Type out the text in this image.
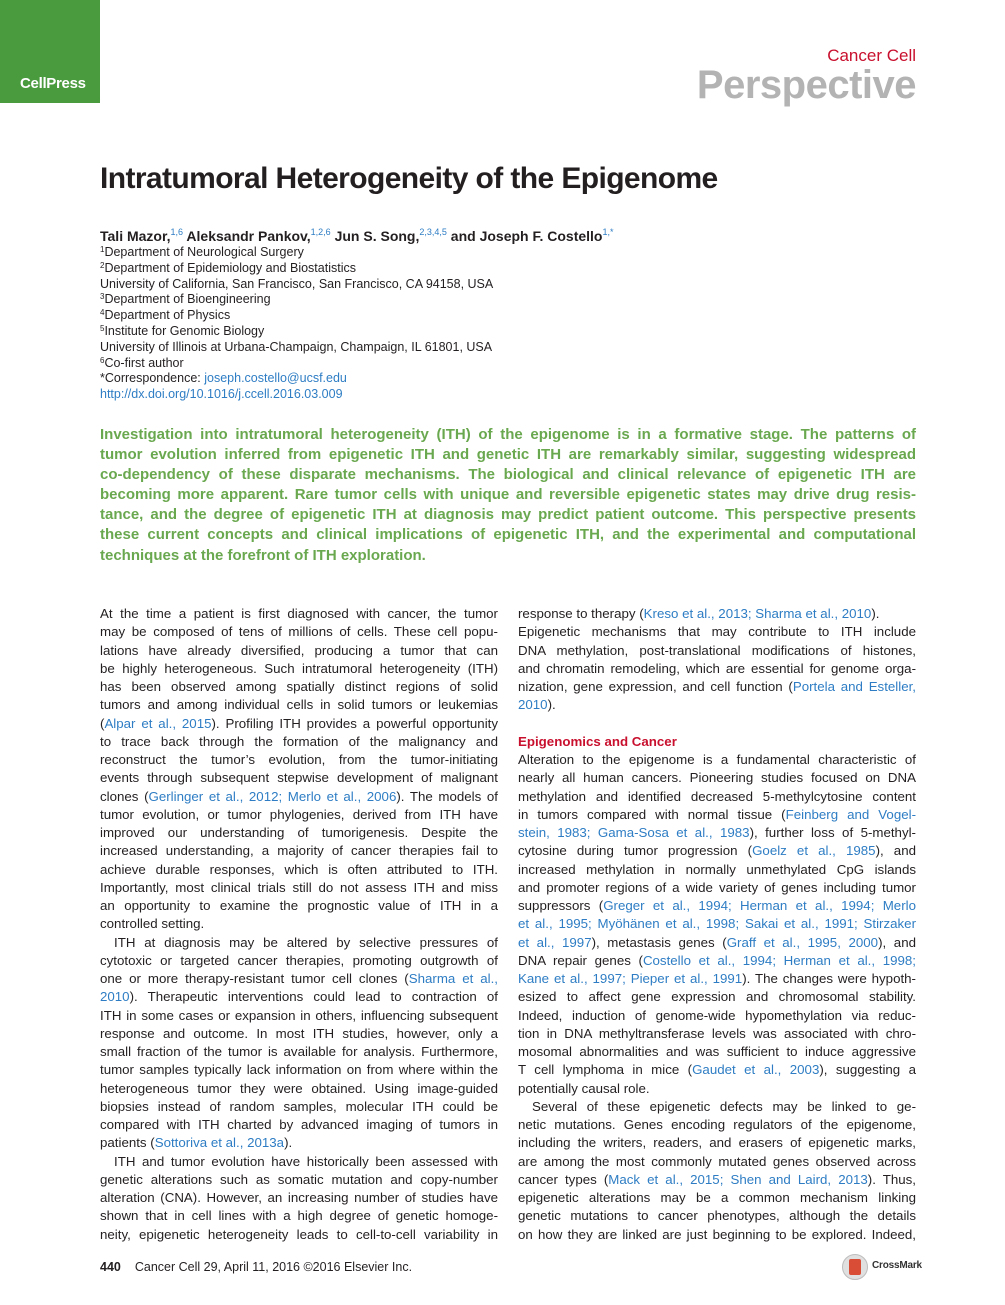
CellPress
Cancer Cell
Perspective
Intratumoral Heterogeneity of the Epigenome
Tali Mazor,$^{1,6}$ Aleksandr Pankov,$^{1,2,6}$ Jun S. Song,$^{2,3,4,5}$ and Joseph F. Costello$^{1,*}$
$^1$Department of Neurological Surgery
$^2$Department of Epidemiology and Biostatistics
University of California, San Francisco, San Francisco, CA 94158, USA
$^3$Department of Bioengineering
$^4$Department of Physics
$^5$Institute for Genomic Biology
University of Illinois at Urbana-Champaign, Champaign, IL 61801, USA
$^6$Co-first author
*Correspondence: joseph.costello@ucsf.edu
http://dx.doi.org/10.1016/j.ccell.2016.03.009
Investigation into intratumoral heterogeneity (ITH) of the epigenome is in a formative stage. The patterns of
tumor evolution inferred from epigenetic ITH and genetic ITH are remarkably similar, suggesting widespread
co-dependency of these disparate mechanisms. The biological and clinical relevance of epigenetic ITH are
becoming more apparent. Rare tumor cells with unique and reversible epigenetic states may drive drug resis-
tance, and the degree of epigenetic ITH at diagnosis may predict patient outcome. This perspective presents
these current concepts and clinical implications of epigenetic ITH, and the experimental and computational
techniques at the forefront of ITH exploration.
At the time a patient is first diagnosed with cancer, the tumor
may be composed of tens of millions of cells. These cell popu-
lations have already diversified, producing a tumor that can
be highly heterogeneous. Such intratumoral heterogeneity (ITH)
has been observed among spatially distinct regions of solid
tumors and among individual cells in solid tumors or leukemias
(Alpar et al., 2015). Profiling ITH provides a powerful opportunity
to trace back through the formation of the malignancy and
reconstruct the tumor’s evolution, from the tumor-initiating
events through subsequent stepwise development of malignant
clones (Gerlinger et al., 2012; Merlo et al., 2006). The models of
tumor evolution, or tumor phylogenies, derived from ITH have
improved our understanding of tumorigenesis. Despite the
increased understanding, a majority of cancer therapies fail to
achieve durable responses, which is often attributed to ITH.
Importantly, most clinical trials still do not assess ITH and miss
an opportunity to examine the prognostic value of ITH in a
controlled setting.
ITH at diagnosis may be altered by selective pressures of
cytotoxic or targeted cancer therapies, promoting outgrowth of
one or more therapy-resistant tumor cell clones (Sharma et al.,
2010). Therapeutic interventions could lead to contraction of
ITH in some cases or expansion in others, influencing subsequent
response and outcome. In most ITH studies, however, only a
small fraction of the tumor is available for analysis. Furthermore,
tumor samples typically lack information on from where within the
heterogeneous tumor they were obtained. Using image-guided
biopsies instead of random samples, molecular ITH could be
compared with ITH charted by advanced imaging of tumors in
patients (Sottoriva et al., 2013a).
ITH and tumor evolution have historically been assessed with
genetic alterations such as somatic mutation and copy-number
alteration (CNA). However, an increasing number of studies have
shown that in cell lines with a high degree of genetic homoge-
neity, epigenetic heterogeneity leads to cell-to-cell variability in
response to therapy (Kreso et al., 2013; Sharma et al., 2010).
Epigenetic mechanisms that may contribute to ITH include
DNA methylation, post-translational modifications of histones,
and chromatin remodeling, which are essential for genome orga-
nization, gene expression, and cell function (Portela and Esteller,
2010).
Epigenomics and Cancer
Alteration to the epigenome is a fundamental characteristic of
nearly all human cancers. Pioneering studies focused on DNA
methylation and identified decreased 5-methylcytosine content
in tumors compared with normal tissue (Feinberg and Vogel-
stein, 1983; Gama-Sosa et al., 1983), further loss of 5-methyl-
cytosine during tumor progression (Goelz et al., 1985), and
increased methylation in normally unmethylated CpG islands
and promoter regions of a wide variety of genes including tumor
suppressors (Greger et al., 1994; Herman et al., 1994; Merlo
et al., 1995; Myöhänen et al., 1998; Sakai et al., 1991; Stirzaker
et al., 1997), metastasis genes (Graff et al., 1995, 2000), and
DNA repair genes (Costello et al., 1994; Herman et al., 1998;
Kane et al., 1997; Pieper et al., 1991). The changes were hypoth-
esized to affect gene expression and chromosomal stability.
Indeed, induction of genome-wide hypomethylation via reduc-
tion in DNA methyltransferase levels was associated with chro-
mosomal abnormalities and was sufficient to induce aggressive
T cell lymphoma in mice (Gaudet et al., 2003), suggesting a
potentially causal role.
Several of these epigenetic defects may be linked to ge-
netic mutations. Genes encoding regulators of the epigenome,
including the writers, readers, and erasers of epigenetic marks,
are among the most commonly mutated genes observed across
cancer types (Mack et al., 2015; Shen and Laird, 2013). Thus,
epigenetic alterations may be a common mechanism linking
genetic mutations to cancer phenotypes, although the details
on how they are linked are just beginning to be explored. Indeed,
440 Cancer Cell 29, April 11, 2016 ©2016 Elsevier Inc.	CrossMark
